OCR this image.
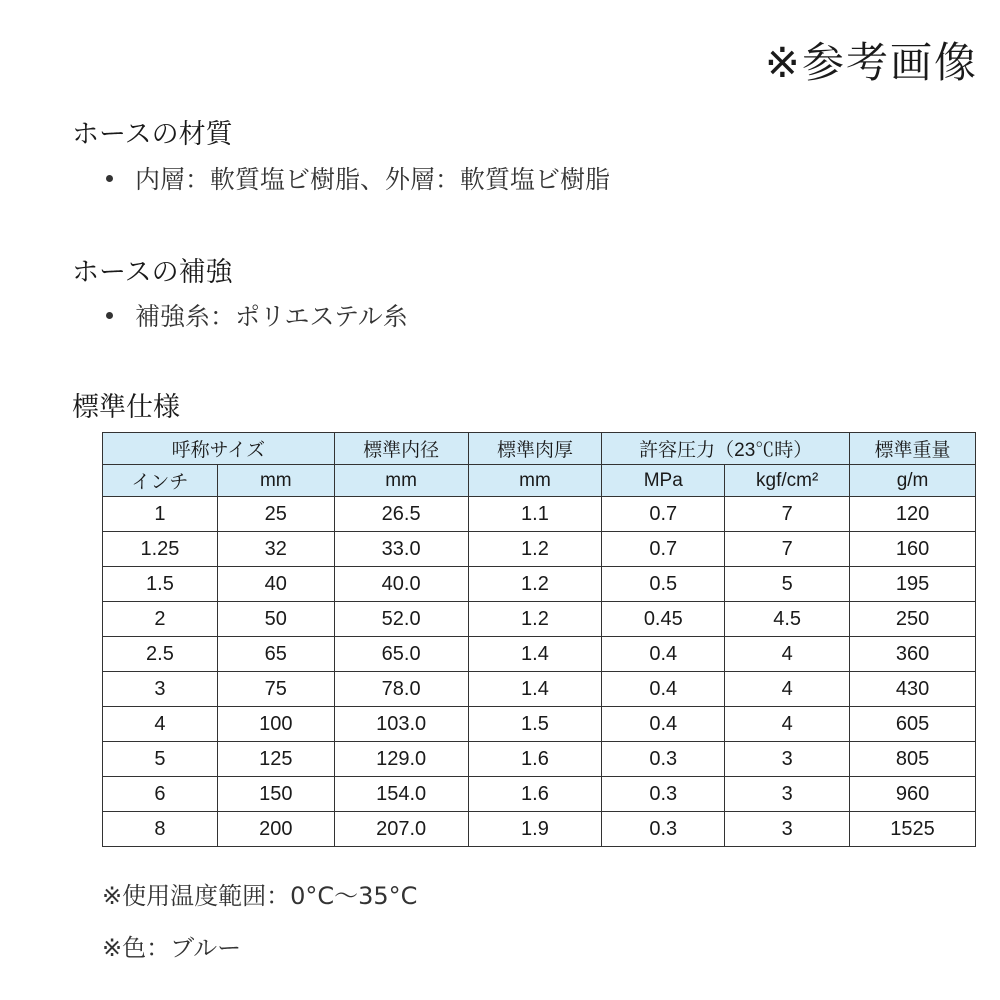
※参考画像
ホースの材質
内層：軟質塩ビ樹脂、外層：軟質塩ビ樹脂
ホースの補強
補強糸：ポリエステル糸
標準仕様
呼称サイズ		標準内径	標準肉厚	許容圧力（23℃時）		標準重量
インチ	mm	mm	mm	MPa	kgf/cm²	g/m
1	25	26.5	1.1	0.7	7	120
1.25	32	33.0	1.2	0.7	7	160
1.5	40	40.0	1.2	0.5	5	195
2	50	52.0	1.2	0.45	4.5	250
2.5	65	65.0	1.4	0.4	4	360
3	75	78.0	1.4	0.4	4	430
4	100	103.0	1.5	0.4	4	605
5	125	129.0	1.6	0.3	3	805
6	150	154.0	1.6	0.3	3	960
8	200	207.0	1.9	0.3	3	1525
※使用温度範囲：0°C～35°C
※色：ブルー
